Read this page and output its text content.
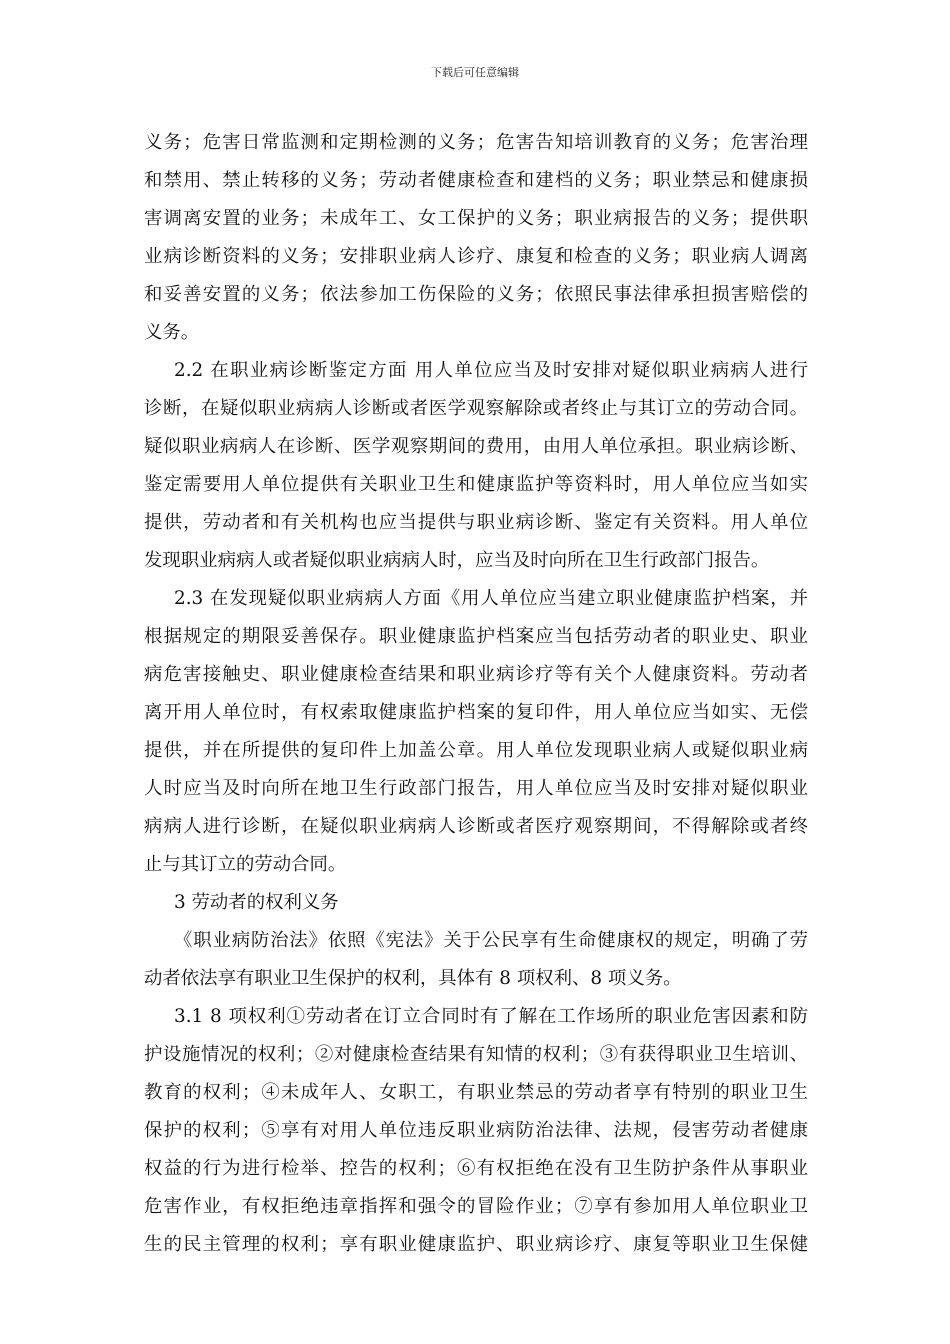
下载后可任意编辑
义务；危害日常监测和定期检测的义务；危害告知培训教育的义务；危害治理
和禁用、禁止转移的义务；劳动者健康检查和建档的义务；职业禁忌和健康损
害调离安置的业务；未成年工、女工保护的义务；职业病报告的义务；提供职
业病诊断资料的义务；安排职业病人诊疗、康复和检查的义务；职业病人调离
和妥善安置的义务；依法参加工伤保险的义务；依照民事法律承担损害赔偿的
义务。
2.2 在职业病诊断鉴定方面 用人单位应当及时安排对疑似职业病病人进行
诊断，在疑似职业病病人诊断或者医学观察解除或者终止与其订立的劳动合同。
疑似职业病病人在诊断、医学观察期间的费用，由用人单位承担。职业病诊断、
鉴定需要用人单位提供有关职业卫生和健康监护等资料时，用人单位应当如实
提供，劳动者和有关机构也应当提供与职业病诊断、鉴定有关资料。用人单位
发现职业病病人或者疑似职业病病人时，应当及时向所在卫生行政部门报告。
2.3 在发现疑似职业病病人方面《用人单位应当建立职业健康监护档案，并
根据规定的期限妥善保存。职业健康监护档案应当包括劳动者的职业史、职业
病危害接触史、职业健康检查结果和职业病诊疗等有关个人健康资料。劳动者
离开用人单位时，有权索取健康监护档案的复印件，用人单位应当如实、无偿
提供，并在所提供的复印件上加盖公章。用人单位发现职业病人或疑似职业病
人时应当及时向所在地卫生行政部门报告，用人单位应当及时安排对疑似职业
病病人进行诊断，在疑似职业病病人诊断或者医疗观察期间，不得解除或者终
止与其订立的劳动合同。
3 劳动者的权利义务
《职业病防治法》依照《宪法》关于公民享有生命健康权的规定，明确了劳
动者依法享有职业卫生保护的权利，具体有 8 项权利、8 项义务。
3.1 8 项权利①劳动者在订立合同时有了解在工作场所的职业危害因素和防
护设施情况的权利；②对健康检查结果有知情的权利；③有获得职业卫生培训、
教育的权利；④未成年人、女职工，有职业禁忌的劳动者享有特别的职业卫生
保护的权利；⑤享有对用人单位违反职业病防治法律、法规，侵害劳动者健康
权益的行为进行检举、控告的权利；⑥有权拒绝在没有卫生防护条件从事职业
危害作业，有权拒绝违章指挥和强令的冒险作业；⑦享有参加用人单位职业卫
生的民主管理的权利；享有职业健康监护、职业病诊疗、康复等职业卫生保健
